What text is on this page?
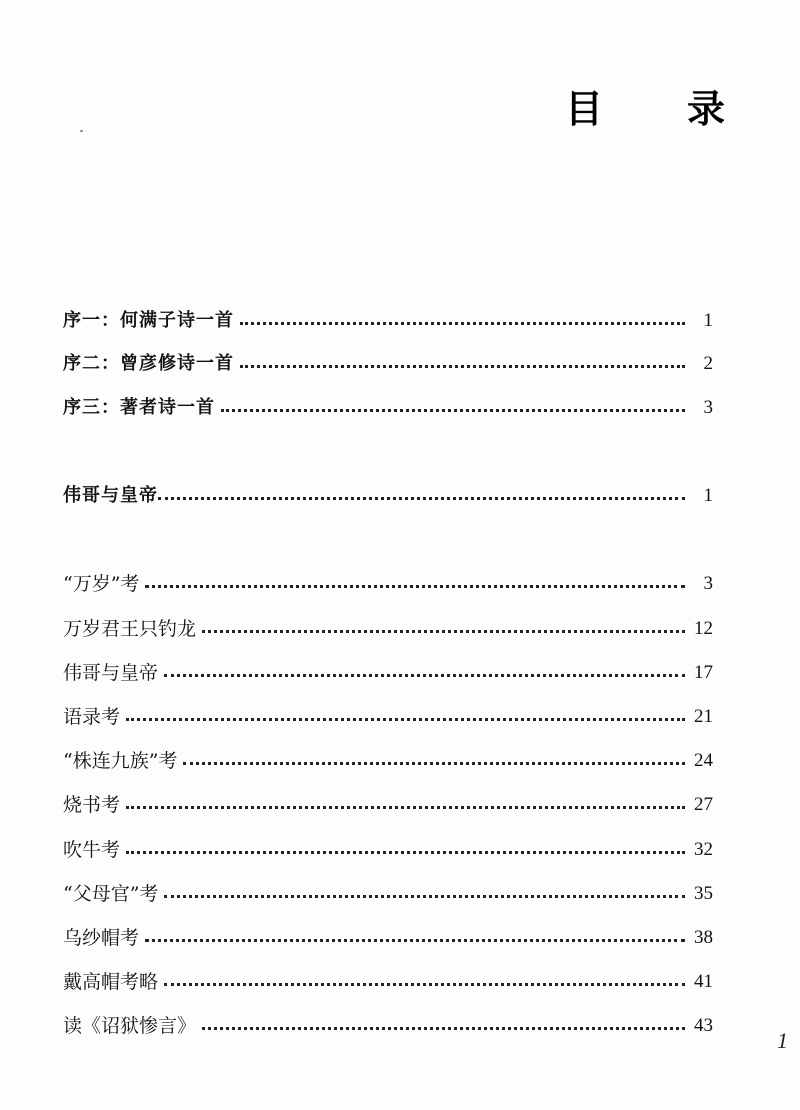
目 录
序一：何满子诗一首	1
序二：曾彦修诗一首	2
序三：著者诗一首	3
伟哥与皇帝	1
“万岁”考	3
万岁君王只钓龙	12
伟哥与皇帝	17
语录考	21
“株连九族”考	24
烧书考	27
吹牛考	32
“父母官”考	35
乌纱帽考	38
戴高帽考略	41
读《诏狱惨言》	43
1
